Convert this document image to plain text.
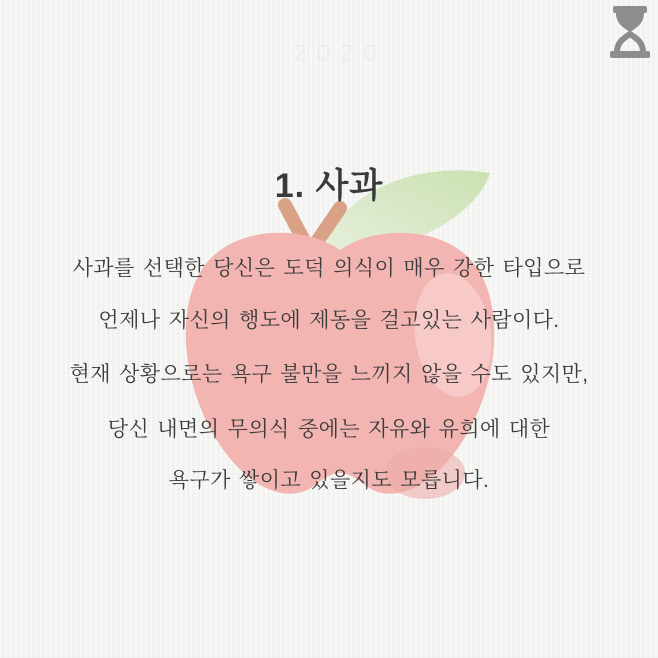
2020
1. 사과
사과를 선택한 당신은 도덕 의식이 매우 강한 타입으로
언제나 자신의 행도에 제동을 걸고있는 사람이다.
현재 상황으로는 욕구 불만을 느끼지 않을 수도 있지만,
당신 내면의 무의식 중에는 자유와 유희에 대한
욕구가 쌓이고 있을지도 모릅니다.
